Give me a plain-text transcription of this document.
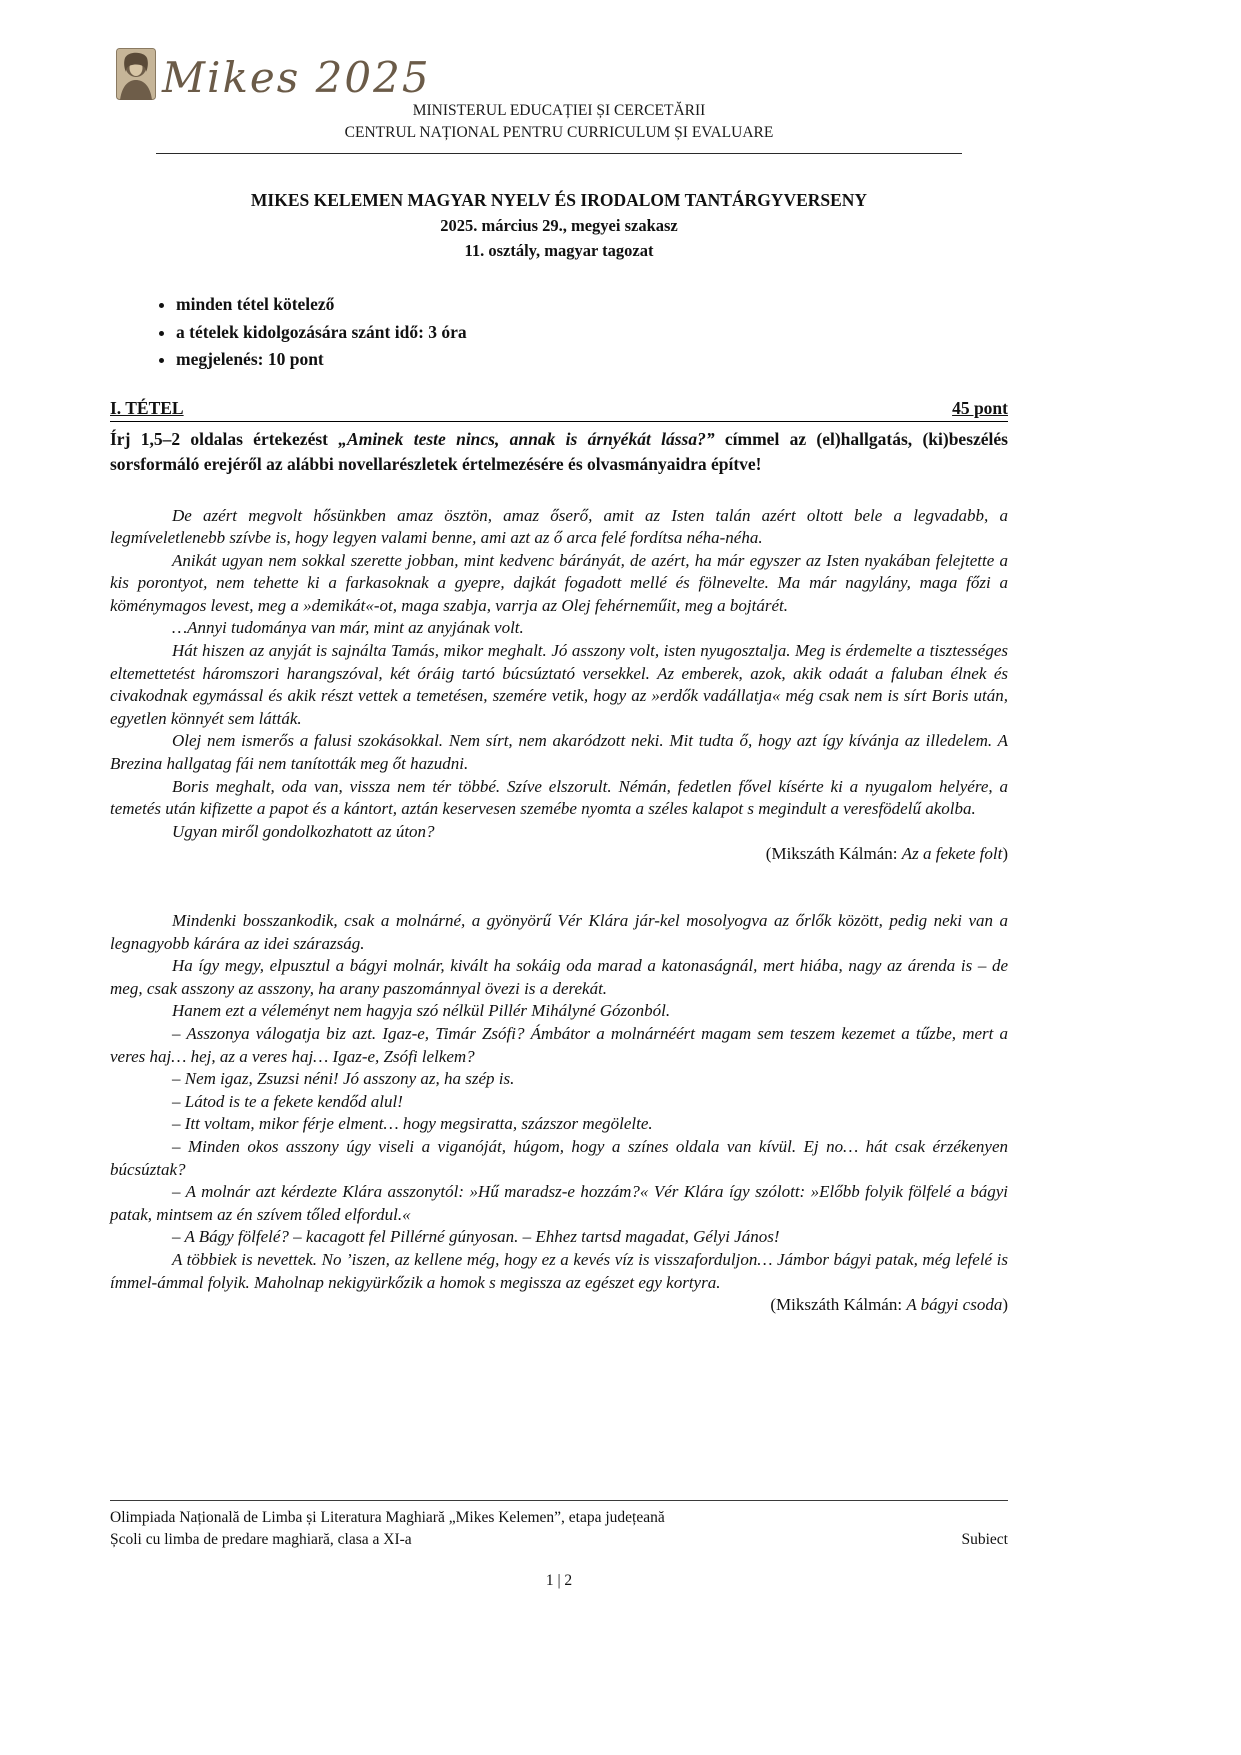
Mikes 2025
MINISTERUL EDUCAȚIEI ȘI CERCETĂRII
CENTRUL NAȚIONAL PENTRU CURRICULUM ȘI EVALUARE
MIKES KELEMEN MAGYAR NYELV ÉS IRODALOM TANTÁRGYVERSENY
2025. március 29., megyei szakasz
11. osztály, magyar tagozat
• minden tétel kötelező
• a tételek kidolgozására szánt idő: 3 óra
• megjelenés: 10 pont
I. TÉTEL	45 pont

Írj 1,5–2 oldalas értekezést „Aminek teste nincs, annak is árnyékát lássa?” címmel az (el)hallgatás, (ki)beszélés sorsformáló erejéről az alábbi novellarészletek értelmezésére és olvasmányaidra építve!

De azért megvolt hősünkben amaz ösztön, amaz őserő, amit az Isten talán azért oltott bele a legvadabb, a legmíveletlenebb szívbe is, hogy legyen valami benne, ami azt az ő arca felé fordítsa néha-néha.

Anikát ugyan nem sokkal szerette jobban, mint kedvenc bárányát, de azért, ha már egyszer az Isten nyakában felejtette a kis porontyot, nem tehette ki a farkasoknak a gyepre, dajkát fogadott mellé és fölnevelte. Ma már nagylány, maga főzi a köménymagos levest, meg a »demikát«-ot, maga szabja, varrja az Olej fehérneműit, meg a bojtárét.

…Annyi tudománya van már, mint az anyjának volt.

Hát hiszen az anyját is sajnálta Tamás, mikor meghalt. Jó asszony volt, isten nyugosztalja. Meg is érdemelte a tisztességes eltemettetést háromszori harangszóval, két óráig tartó búcsúztató versekkel. Az emberek, azok, akik odaát a faluban élnek és civakodnak egymással és akik részt vettek a temetésen, szemére vetik, hogy az »erdők vadállatja« még csak nem is sírt Boris után, egyetlen könnyét sem látták.

Olej nem ismerős a falusi szokásokkal. Nem sírt, nem akaródzott neki. Mit tudta ő, hogy azt így kívánja az illedelem. A Brezina hallgatag fái nem tanították meg őt hazudni.

Boris meghalt, oda van, vissza nem tér többé. Szíve elszorult. Némán, fedetlen fővel kísérte ki a nyugalom helyére, a temetés után kifizette a papot és a kántort, aztán keservesen szemébe nyomta a széles kalapot s megindult a veresfödelű akolba.

Ugyan miről gondolkozhatott az úton?

(Mikszáth Kálmán: Az a fekete folt)

Mindenki bosszankodik, csak a molnárné, a gyönyörű Vér Klára jár-kel mosolyogva az őrlők között, pedig neki van a legnagyobb kárára az idei szárazság.

Ha így megy, elpusztul a bágyi molnár, kivált ha sokáig oda marad a katonaságnál, mert hiába, nagy az árenda is – de meg, csak asszony az asszony, ha arany paszománnyal övezi is a derekát.

Hanem ezt a véleményt nem hagyja szó nélkül Pillér Mihályné Gózonból.

– Asszonya válogatja biz azt. Igaz-e, Timár Zsófi? Ámbátor a molnárnéért magam sem teszem kezemet a tűzbe, mert a veres haj… hej, az a veres haj… Igaz-e, Zsófi lelkem?

– Nem igaz, Zsuzsi néni! Jó asszony az, ha szép is.

– Látod is te a fekete kendőd alul!

– Itt voltam, mikor férje elment… hogy megsiratta, százszor megölelte.

– Minden okos asszony úgy viseli a viganóját, húgom, hogy a színes oldala van kívül. Ej no… hát csak érzékenyen búcsúztak?

– A molnár azt kérdezte Klára asszonytól: »Hű maradsz-e hozzám?« Vér Klára így szólott: »Előbb folyik fölfelé a bágyi patak, mintsem az én szívem tőled elfordul.«

– A Bágy fölfelé? – kacagott fel Pillérné gúnyosan. – Ehhez tartsd magadat, Gélyi János!

A többiek is nevettek. No ’iszen, az kellene még, hogy ez a kevés víz is visszaforduljon… Jámbor bágyi patak, még lefelé is ímmel-ámmal folyik. Maholnap nekigyürkőzik a homok s megissza az egészet egy kortyra.

(Mikszáth Kálmán: A bágyi csoda)

Olimpiada Națională de Limba și Literatura Maghiară „Mikes Kelemen”, etapa județeană
Școli cu limba de predare maghiară, clasa a XI-a	Subiect
1 | 2
